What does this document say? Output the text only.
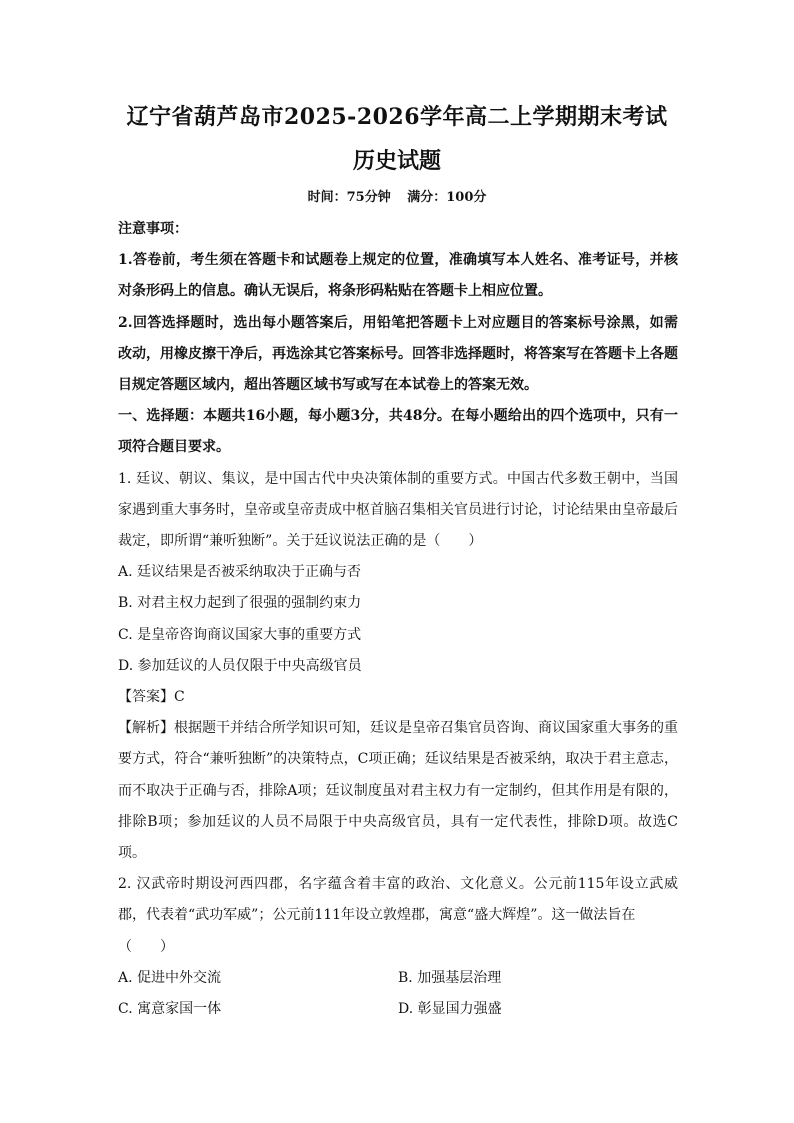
辽宁省葫芦岛市2025-2026学年高二上学期期末考试
历史试题
时间：75分钟 满分：100分

注意事项：

1.答卷前，考生须在答题卡和试题卷上规定的位置，准确填写本人姓名、准考证号，并核对条形码上的信息。确认无误后，将条形码粘贴在答题卡上相应位置。

2.回答选择题时，选出每小题答案后，用铅笔把答题卡上对应题目的答案标号涂黑，如需改动，用橡皮擦干净后，再选涂其它答案标号。回答非选择题时，将答案写在答题卡上各题目规定答题区域内，超出答题区域书写或写在本试卷上的答案无效。

一、选择题：本题共16小题，每小题3分，共48分。在每小题给出的四个选项中，只有一项符合题目要求。

1. 廷议、朝议、集议，是中国古代中央决策体制的重要方式。中国古代多数王朝中，当国家遇到重大事务时，皇帝或皇帝责成中枢首脑召集相关官员进行讨论，讨论结果由皇帝最后裁定，即所谓“兼听独断”。关于廷议说法正确的是（　　）

A. 廷议结果是否被采纳取决于正确与否

B. 对君主权力起到了很强的强制约束力

C. 是皇帝咨询商议国家大事的重要方式

D. 参加廷议的人员仅限于中央高级官员

【答案】C

【解析】根据题干并结合所学知识可知，廷议是皇帝召集官员咨询、商议国家重大事务的重要方式，符合“兼听独断”的决策特点，C项正确；廷议结果是否被采纳，取决于君主意志，而不取决于正确与否，排除A项；廷议制度虽对君主权力有一定制约，但其作用是有限的，排除B项；参加廷议的人员不局限于中央高级官员，具有一定代表性，排除D项。故选C项。

2. 汉武帝时期设河西四郡，名字蕴含着丰富的政治、文化意义。公元前115年设立武威郡，代表着“武功军威”；公元前111年设立敦煌郡，寓意“盛大辉煌”。这一做法旨在

（　　）

A. 促进中外交流	B. 加强基层治理

C. 寓意家国一体	D. 彰显国力强盛
